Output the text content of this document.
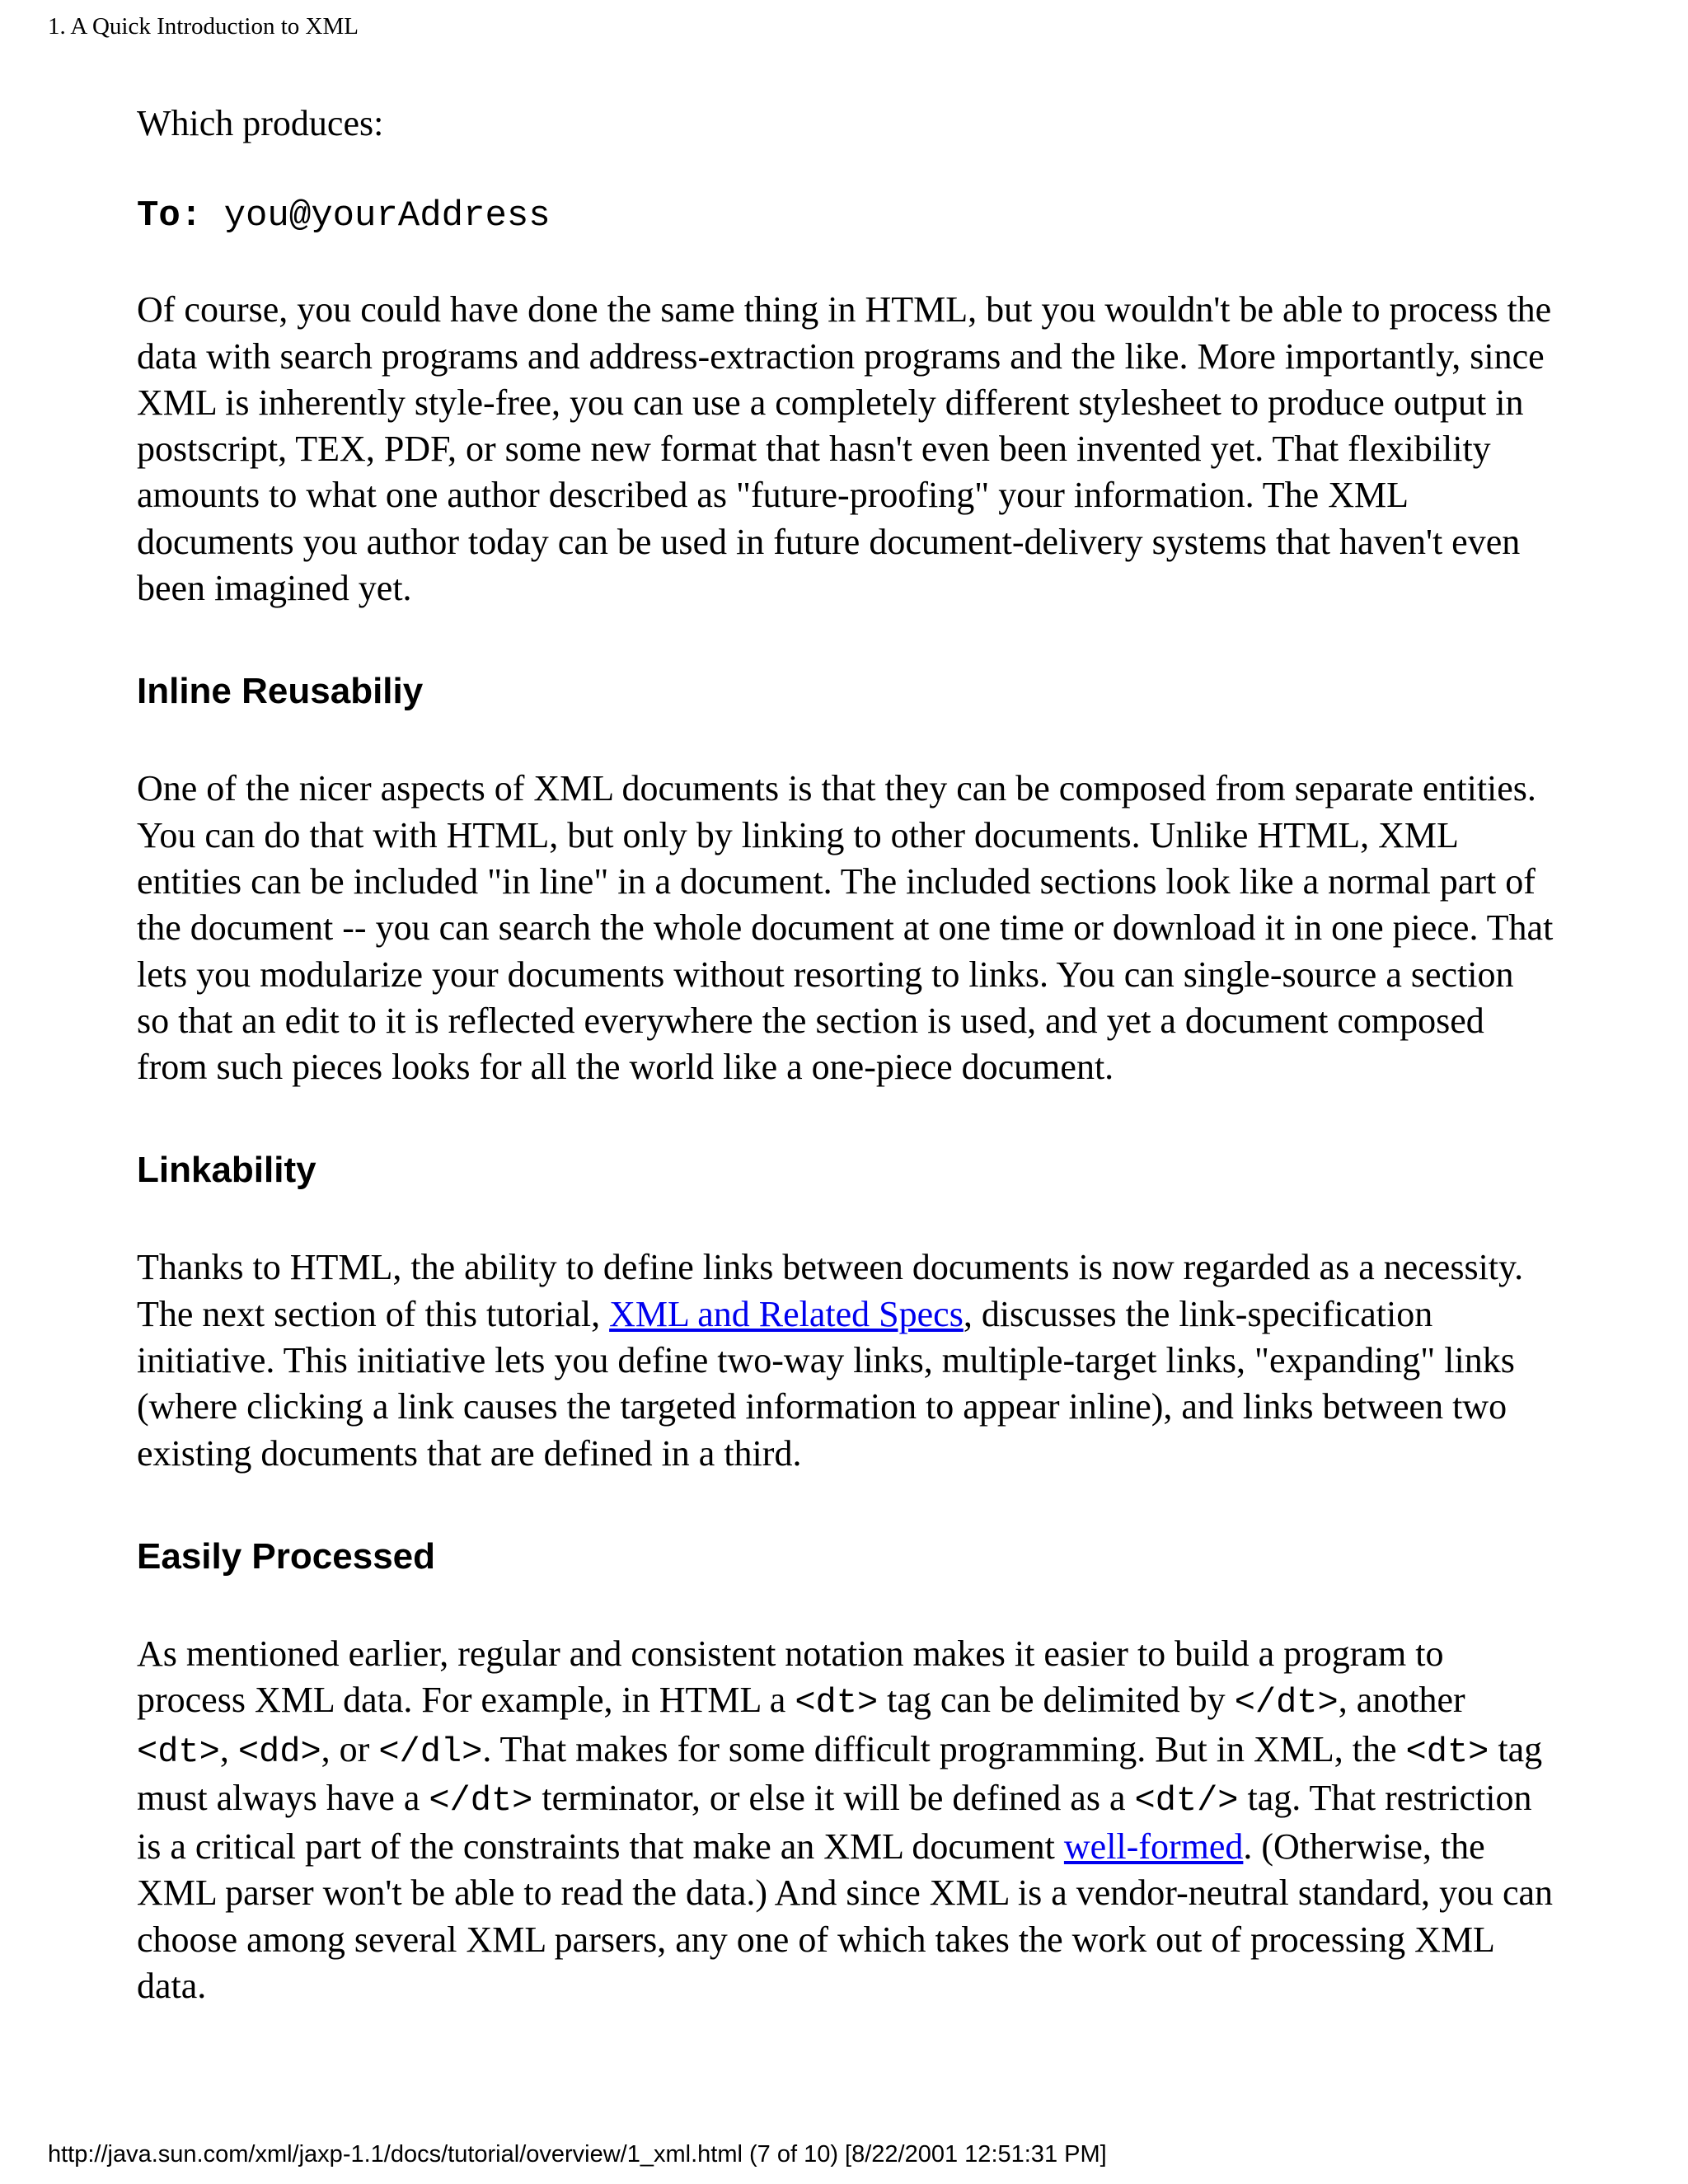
1. A Quick Introduction to XML

Which produces:

To: you@yourAddress

Of course, you could have done the same thing in HTML, but you wouldn't be able to process the data with search programs and address-extraction programs and the like. More importantly, since XML is inherently style-free, you can use a completely different stylesheet to produce output in postscript, TEX, PDF, or some new format that hasn't even been invented yet. That flexibility amounts to what one author described as "future-proofing" your information. The XML documents you author today can be used in future document-delivery systems that haven't even been imagined yet.

Inline Reusabiliy

One of the nicer aspects of XML documents is that they can be composed from separate entities. You can do that with HTML, but only by linking to other documents. Unlike HTML, XML entities can be included "in line" in a document. The included sections look like a normal part of the document -- you can search the whole document at one time or download it in one piece. That lets you modularize your documents without resorting to links. You can single-source a section so that an edit to it is reflected everywhere the section is used, and yet a document composed from such pieces looks for all the world like a one-piece document.

Linkability

Thanks to HTML, the ability to define links between documents is now regarded as a necessity. The next section of this tutorial, XML and Related Specs, discusses the link-specification initiative. This initiative lets you define two-way links, multiple-target links, "expanding" links (where clicking a link causes the targeted information to appear inline), and links between two existing documents that are defined in a third.

Easily Processed

As mentioned earlier, regular and consistent notation makes it easier to build a program to process XML data. For example, in HTML a <dt> tag can be delimited by </dt>, another <dt>, <dd>, or </dl>. That makes for some difficult programming. But in XML, the <dt> tag must always have a </dt> terminator, or else it will be defined as a <dt/> tag. That restriction is a critical part of the constraints that make an XML document well-formed. (Otherwise, the XML parser won't be able to read the data.) And since XML is a vendor-neutral standard, you can choose among several XML parsers, any one of which takes the work out of processing XML data.

http://java.sun.com/xml/jaxp-1.1/docs/tutorial/overview/1_xml.html (7 of 10) [8/22/2001 12:51:31 PM]
